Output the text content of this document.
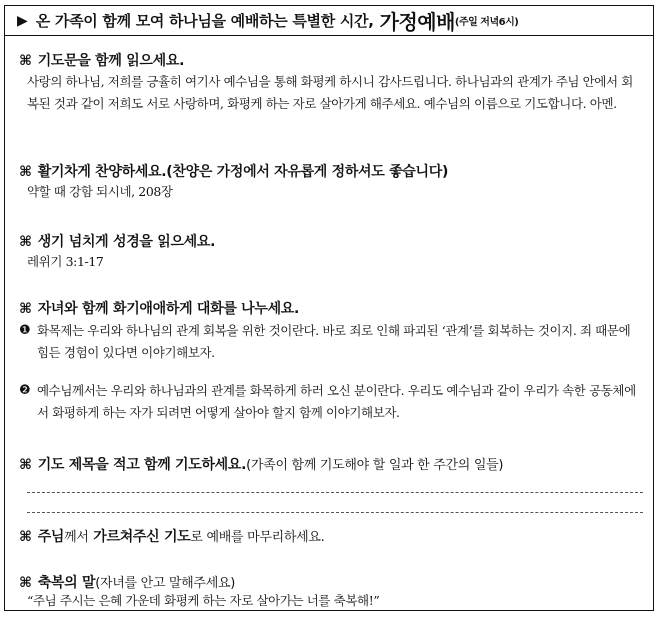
▶ 온 가족이 함께 모여 하나님을 예배하는 특별한 시간, 가정예배 (주일 저녁6시)
⌘ 기도문을 함께 읽으세요.
사랑의 하나님, 저희를 긍휼히 여기사 예수님을 통해 화평케 하시니 감사드립니다. 하나님과의 관계가 주님 안에서 회복된 것과 같이 저희도 서로 사랑하며, 화평케 하는 자로 살아가게 해주세요. 예수님의 이름으로 기도합니다. 아멘.
⌘ 활기차게 찬양하세요.(찬양은 가정에서 자유롭게 정하셔도 좋습니다)
약할 때 강함 되시네, 208장
⌘ 생기 넘치게 성경을 읽으세요.
레위기 3:1-17
⌘ 자녀와 함께 화기애애하게 대화를 나누세요.
❶ 화목제는 우리와 하나님의 관계 회복을 위한 것이란다. 바로 죄로 인해 파괴된 ‘관계’를 회복하는 것이지. 죄 때문에 힘든 경험이 있다면 이야기해보자.
❷ 예수님께서는 우리와 하나님과의 관계를 화목하게 하러 오신 분이란다. 우리도 예수님과 같이 우리가 속한 공동체에서 화평하게 하는 자가 되려면 어떻게 살아야 할지 함께 이야기해보자.
⌘ 기도 제목을 적고 함께 기도하세요.(가족이 함께 기도해야 할 일과 한 주간의 일들)
⌘ 주님께서 가르쳐주신 기도로 예배를 마무리하세요.
⌘ 축복의 말(자녀를 안고 말해주세요)
“주님 주시는 은혜 가운데 화평케 하는 자로 살아가는 너를 축복해!”
